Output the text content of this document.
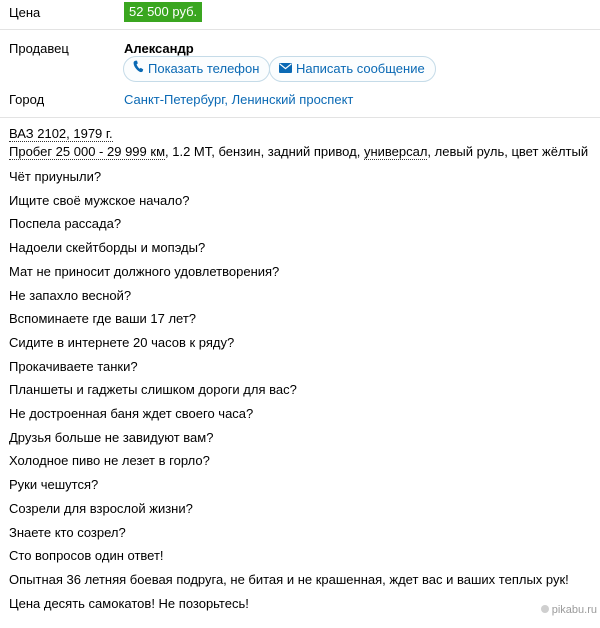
Цена	52 500 руб.
Продавец	Александр
Показать телефон	Написать сообщение
Город	Санкт-Петербург, Ленинский проспект
ВАЗ 2102, 1979 г.
Пробег 25 000 - 29 999 км, 1.2 MT, бензин, задний привод, универсал, левый руль, цвет жёлтый
Чёт приуныли?
Ищите своё мужское начало?
Поспела рассада?
Надоели скейтборды и мопэды?
Мат не приносит должного удовлетворения?
Не запахло весной?
Вспоминаете где ваши 17 лет?
Сидите в интернете 20 часов к ряду?
Прокачиваете танки?
Планшеты и гаджеты слишком дороги для вас?
Не достроенная баня ждет своего часа?
Друзья больше не завидуют вам?
Холодное пиво не лезет в горло?
Руки чешутся?
Созрели для взрослой жизни?
Знаете кто созрел?
Сто вопросов один ответ!
Опытная 36 летняя боевая подруга, не битая и не крашенная, ждет вас и ваших теплых рук!
Цена десять самокатов! Не позорьтесь!	pikabu.ru
